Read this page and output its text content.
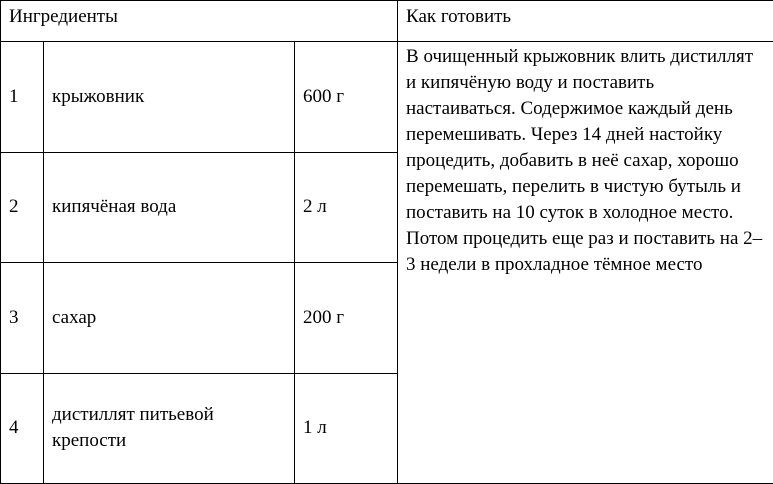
Ингредиенты			Как готовить
1	крыжовник	600 г	В очищенный крыжовник влить дистиллят и кипячёную воду и поставить настаиваться. Содержимое каждый день перемешивать. Через 14 дней настойку процедить, добавить в неё сахар, хорошо перемешать, перелить в чистую бутыль и поставить на 10 суток в холодное место. Потом процедить еще раз и поставить на 2–3 недели в прохладное тёмное место

2	кипячёная вода	2 л	
3	сахар	200 г	
4	дистиллят питьевой крепости	1 л	
